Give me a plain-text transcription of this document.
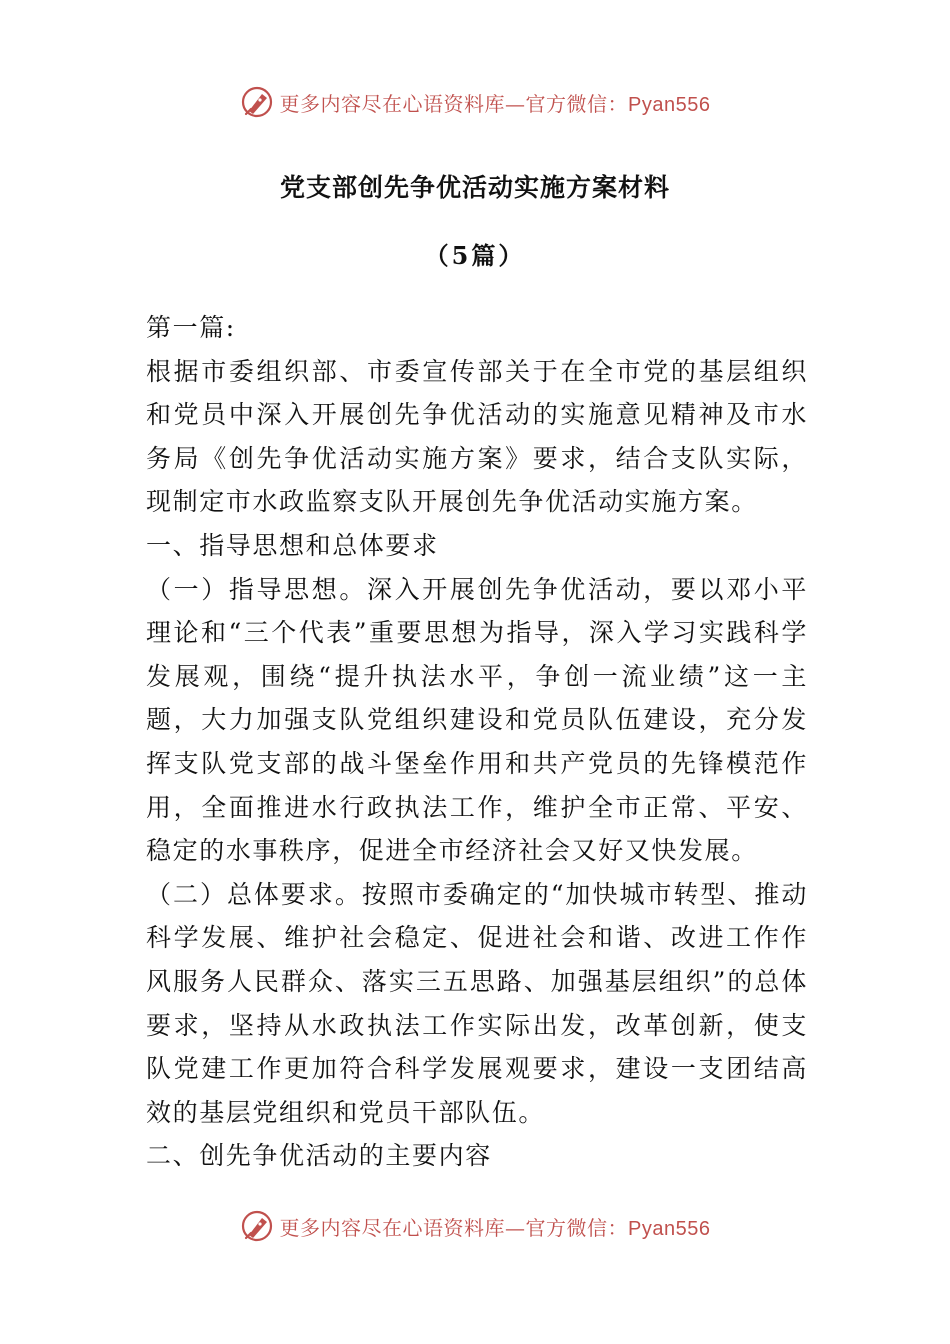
更多内容尽在心语资料库—官方微信：Pyan556
党支部创先争优活动实施方案材料
（5篇）

第一篇:

根据市委组织部、市委宣传部关于在全市党的基层组织和党员中深入开展创先争优活动的实施意见精神及市水务局《创先争优活动实施方案》要求，结合支队实际，现制定市水政监察支队开展创先争优活动实施方案。

一、指导思想和总体要求

（一）指导思想。深入开展创先争优活动，要以邓小平理论和“三个代表”重要思想为指导，深入学习实践科学发展观，围绕“提升执法水平，争创一流业绩”这一主题，大力加强支队党组织建设和党员队伍建设，充分发挥支队党支部的战斗堡垒作用和共产党员的先锋模范作用，全面推进水行政执法工作，维护全市正常、平安、稳定的水事秩序，促进全市经济社会又好又快发展。

（二）总体要求。按照市委确定的“加快城市转型、推动科学发展、维护社会稳定、促进社会和谐、改进工作作风服务人民群众、落实三五思路、加强基层组织”的总体要求，坚持从水政执法工作实际出发，改革创新，使支队党建工作更加符合科学发展观要求，建设一支团结高效的基层党组织和党员干部队伍。

二、创先争优活动的主要内容

更多内容尽在心语资料库—官方微信：Pyan556
